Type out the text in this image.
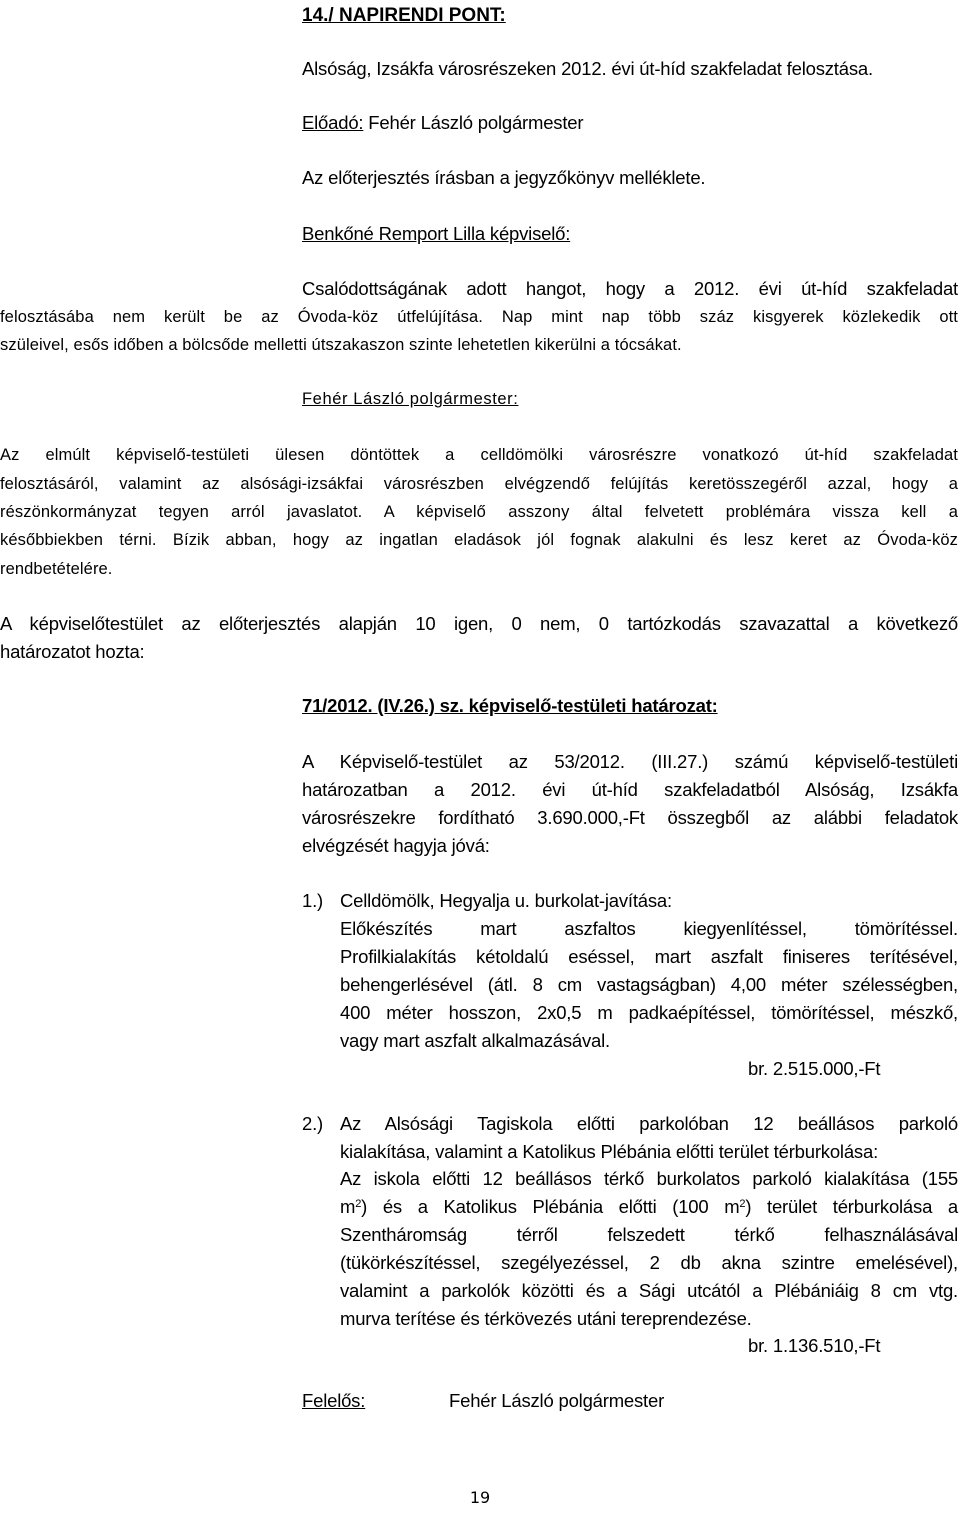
14./ NAPIRENDI PONT:
Alsóság, Izsákfa városrészeken 2012. évi út-híd szakfeladat felosztása.
Előadó: Fehér László polgármester
Az előterjesztés írásban a jegyzőkönyv melléklete.
Benkőné Remport Lilla képviselő:
Csalódottságának adott hangot, hogy a 2012. évi út-híd szakfeladat
felosztásába nem került be az Óvoda-köz útfelújítása. Nap mint nap több száz kisgyerek közlekedik ott
szüleivel, esős időben a bölcsőde melletti útszakaszon szinte lehetetlen kikerülni a tócsákat.
Fehér László polgármester:
Az elmúlt képviselő-testületi ülesen döntöttek a celldömölki városrészre vonatkozó út-híd szakfeladat
felosztásáról, valamint az alsósági-izsákfai városrészben elvégzendő felújítás keretösszegéről azzal, hogy a
részönkormányzat tegyen arról javaslatot. A képviselő asszony által felvetett problémára vissza kell a
későbbiekben térni. Bízik abban, hogy az ingatlan eladások jól fognak alakulni és lesz keret az Óvoda-köz
rendbetételére.
A képviselőtestület az előterjesztés alapján 10 igen, 0 nem, 0 tartózkodás szavazattal a következő
határozatot hozta:
71/2012. (IV.26.) sz. képviselő-testületi határozat:
A Képviselő-testület az 53/2012. (III.27.) számú képviselő-testületi
határozatban a 2012. évi út-híd szakfeladatból Alsóság, Izsákfa
városrészekre fordítható 3.690.000,-Ft összegből az alábbi feladatok
elvégzését hagyja jóvá:
1.) Celldömölk, Hegyalja u. burkolat-javítása:
Előkészítés mart aszfaltos kiegyenlítéssel, tömörítéssel.
Profilkialakítás kétoldalú eséssel, mart aszfalt finiseres terítésével,
behengerlésével (átl. 8 cm vastagságban) 4,00 méter szélességben,
400 méter hosszon, 2x0,5 m padkaépítéssel, tömörítéssel, mészkő,
vagy mart aszfalt alkalmazásával.
br. 2.515.000,-Ft
2.) Az Alsósági Tagiskola előtti parkolóban 12 beállásos parkoló
kialakítása, valamint a Katolikus Plébánia előtti terület térburkolása:
Az iskola előtti 12 beállásos térkő burkolatos parkoló kialakítása (155
$m^2$) és a Katolikus Plébánia előtti (100 $m^2$) terület térburkolása a
Szentháromság térről felszedett térkő felhasználásával
(tükörkészítéssel, szegélyezéssel, 2 db akna szintre emelésével),
valamint a parkolók közötti és a Sági utcától a Plébániáig 8 cm vtg.
murva terítése és térkövezés utáni tereprendezése.
br. 1.136.510,-Ft
Felelős:	Fehér László polgármester
19
